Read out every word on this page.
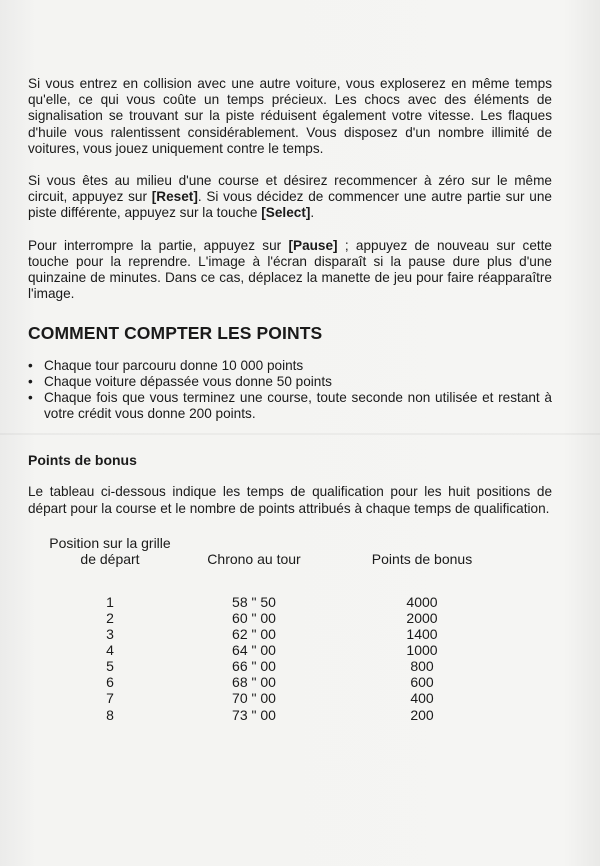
Si vous entrez en collision avec une autre voiture, vous exploserez en même temps qu'elle, ce qui vous coûte un temps précieux. Les chocs avec des éléments de signalisation se trouvant sur la piste réduisent également votre vitesse. Les flaques d'huile vous ralentissent considérablement. Vous disposez d'un nombre illimité de voitures, vous jouez uniquement contre le temps.

Si vous êtes au milieu d'une course et désirez recommencer à zéro sur le même circuit, appuyez sur [Reset]. Si vous décidez de commencer une autre partie sur une piste différente, appuyez sur la touche [Select].

Pour interrompre la partie, appuyez sur [Pause] ; appuyez de nouveau sur cette touche pour la reprendre. L'image à l'écran disparaît si la pause dure plus d'une quinzaine de minutes. Dans ce cas, déplacez la manette de jeu pour faire réapparaître l'image.

COMMENT COMPTER LES POINTS
• Chaque tour parcouru donne 10 000 points
• Chaque voiture dépassée vous donne 50 points
• Chaque fois que vous terminez une course, toute seconde non utilisée et restant à votre crédit vous donne 200 points.
Points de bonus

Le tableau ci-dessous indique les temps de qualification pour les huit positions de départ pour la course et le nombre de points attribués à chaque temps de qualification.

Position sur la grille
de départ	Chrono au tour	Points de bonus
1	58 " 50	4000
2	60 " 00	2000
3	62 " 00	1400
4	64 " 00	1000
5	66 " 00	800
6	68 " 00	600
7	70 " 00	400
8	73 " 00	200
